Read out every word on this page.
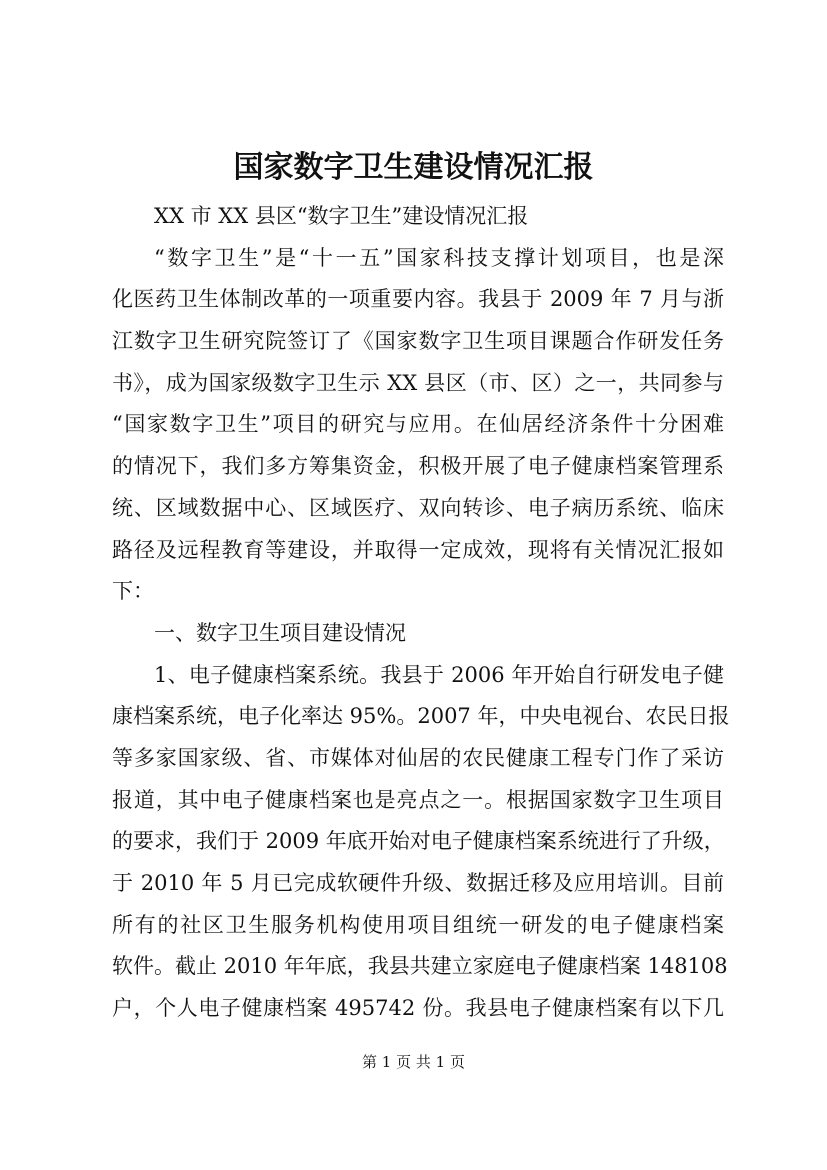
国家数字卫生建设情况汇报
XX 市 XX 县区“数字卫生”建设情况汇报
“数字卫生”是“十一五”国家科技支撑计划项目，也是深
化医药卫生体制改革的一项重要内容。我县于 2009 年 7 月与浙
江数字卫生研究院签订了《国家数字卫生项目课题合作研发任务
书》，成为国家级数字卫生示 XX 县区（市、区）之一，共同参与
“国家数字卫生”项目的研究与应用。在仙居经济条件十分困难
的情况下，我们多方筹集资金，积极开展了电子健康档案管理系
统、区域数据中心、区域医疗、双向转诊、电子病历系统、临床
路径及远程教育等建设，并取得一定成效，现将有关情况汇报如
下：
一、数字卫生项目建设情况
1、电子健康档案系统。我县于 2006 年开始自行研发电子健
康档案系统，电子化率达 95%。2007 年，中央电视台、农民日报
等多家国家级、省、市媒体对仙居的农民健康工程专门作了采访
报道，其中电子健康档案也是亮点之一。根据国家数字卫生项目
的要求，我们于 2009 年底开始对电子健康档案系统进行了升级，
于 2010 年 5 月已完成软硬件升级、数据迁移及应用培训。目前
所有的社区卫生服务机构使用项目组统一研发的电子健康档案
软件。截止 2010 年年底，我县共建立家庭电子健康档案 148108
户，个人电子健康档案 495742 份。我县电子健康档案有以下几
第 1 页 共 1 页
